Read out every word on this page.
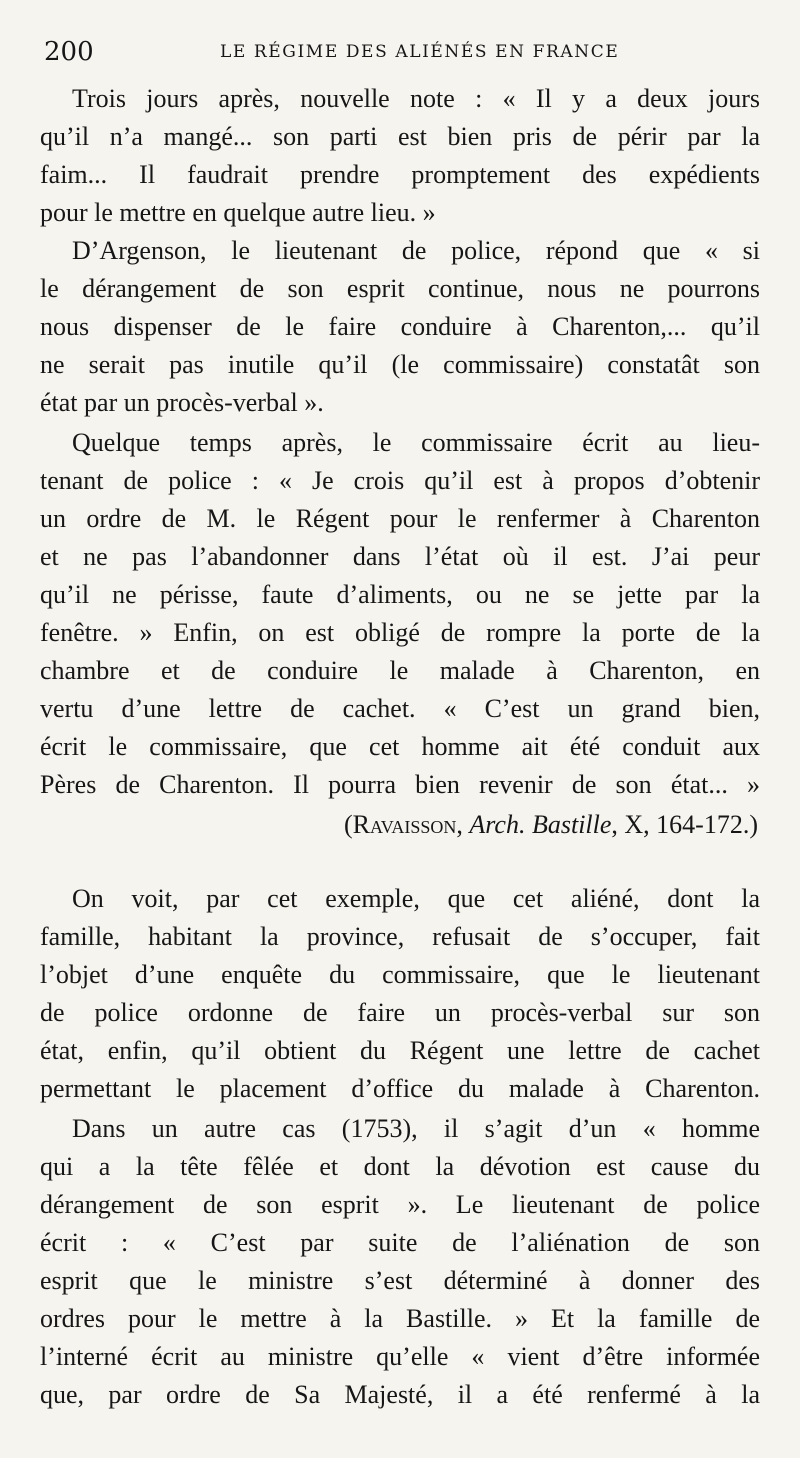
200	LE RÉGIME DES ALIÉNÉS EN FRANCE
Trois jours après, nouvelle note : « Il y a deux jours
qu’il n’a mangé... son parti est bien pris de périr par la
faim... Il faudrait prendre promptement des expédients
pour le mettre en quelque autre lieu. »
D’Argenson, le lieutenant de police, répond que « si
le dérangement de son esprit continue, nous ne pourrons
nous dispenser de le faire conduire à Charenton,... qu’il
ne serait pas inutile qu’il (le commissaire) constatât son
état par un procès-verbal ».
Quelque temps après, le commissaire écrit au lieu-
tenant de police : « Je crois qu’il est à propos d’obtenir
un ordre de M. le Régent pour le renfermer à Charenton
et ne pas l’abandonner dans l’état où il est. J’ai peur
qu’il ne périsse, faute d’aliments, ou ne se jette par la
fenêtre. » Enfin, on est obligé de rompre la porte de la
chambre et de conduire le malade à Charenton, en
vertu d’une lettre de cachet. « C’est un grand bien,
écrit le commissaire, que cet homme ait été conduit aux
Pères de Charenton. Il pourra bien revenir de son état... »
(Ravaisson, Arch. Bastille, X, 164-172.)
On voit, par cet exemple, que cet aliéné, dont la
famille, habitant la province, refusait de s’occuper, fait
l’objet d’une enquête du commissaire, que le lieutenant
de police ordonne de faire un procès-verbal sur son
état, enfin, qu’il obtient du Régent une lettre de cachet
permettant le placement d’office du malade à Charenton.
Dans un autre cas (1753), il s’agit d’un « homme
qui a la tête fêlée et dont la dévotion est cause du
dérangement de son esprit ». Le lieutenant de police
écrit : « C’est par suite de l’aliénation de son
esprit que le ministre s’est déterminé à donner des
ordres pour le mettre à la Bastille. » Et la famille de
l’interné écrit au ministre qu’elle « vient d’être informée
que, par ordre de Sa Majesté, il a été renfermé à la
